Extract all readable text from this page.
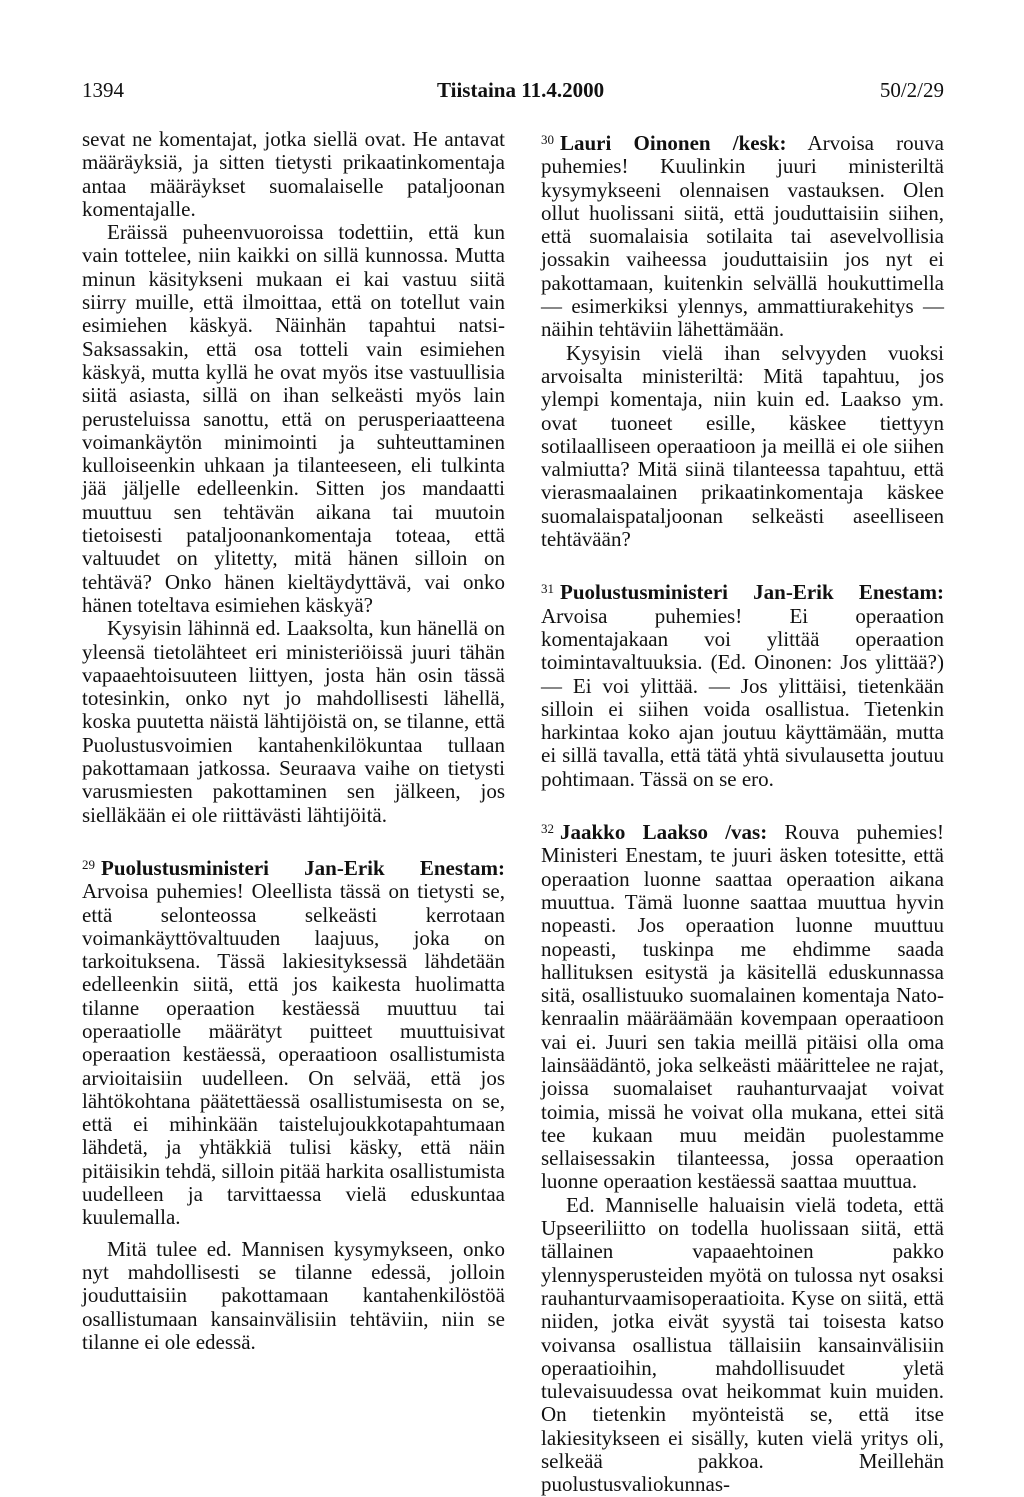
1394	Tiistaina 11.4.2000	50/2/29

sevat ne komentajat, jotka siellä ovat. He antavat määräyksiä, ja sitten tietysti prikaatinkomentaja antaa määräykset suomalaiselle pataljoonan komentajalle.

Eräissä puheenvuoroissa todettiin, että kun vain tottelee, niin kaikki on sillä kunnossa. Mutta minun käsitykseni mukaan ei kai vastuu siitä siirry muille, että ilmoittaa, että on totellut vain esimiehen käskyä. Näinhän tapahtui natsi-Saksassakin, että osa totteli vain esimiehen käskyä, mutta kyllä he ovat myös itse vastuullisia siitä asiasta, sillä on ihan selkeästi myös lain perusteluissa sanottu, että on perusperiaatteena voimankäytön minimointi ja suhteuttaminen kulloiseenkin uhkaan ja tilanteeseen, eli tulkinta jää jäljelle edelleenkin. Sitten jos mandaatti muuttuu sen tehtävän aikana tai muutoin tietoisesti pataljoonankomentaja toteaa, että valtuudet on ylitetty, mitä hänen silloin on tehtävä? Onko hänen kieltäydyttävä, vai onko hänen toteltava esimiehen käskyä?

Kysyisin lähinnä ed. Laaksolta, kun hänellä on yleensä tietolähteet eri ministeriöissä juuri tähän vapaaehtoisuuteen liittyen, josta hän osin tässä totesinkin, onko nyt jo mahdollisesti lähellä, koska puutetta näistä lähtijöistä on, se tilanne, että Puolustusvoimien kantahenkilökuntaa tullaan pakottamaan jatkossa. Seuraava vaihe on tietysti varusmiesten pakottaminen sen jälkeen, jos sielläkään ei ole riittävästi lähtijöitä.

$^{29}$ Puolustusministeri Jan-Erik Enestam: Arvoisa puhemies! Oleellista tässä on tietysti se, että selonteossa selkeästi kerrotaan voimankäyttövaltuuden laajuus, joka on tarkoituksena. Tässä lakiesityksessä lähdetään edelleenkin siitä, että jos kaikesta huolimatta tilanne operaation kestäessä muuttuu tai operaatiolle määrätyt puitteet muuttuisivat operaation kestäessä, operaatioon osallistumista arvioitaisiin uudelleen. On selvää, että jos lähtökohtana päätettäessä osallistumisesta on se, että ei mihinkään taistelujoukkotapahtumaan lähdetä, ja yhtäkkiä tulisi käsky, että näin pitäisikin tehdä, silloin pitää harkita osallistumista uudelleen ja tarvittaessa vielä eduskuntaa kuulemalla.

Mitä tulee ed. Mannisen kysymykseen, onko nyt mahdollisesti se tilanne edessä, jolloin jouduttaisiin pakottamaan kantahenkilöstöä osallistumaan kansainvälisiin tehtäviin, niin se tilanne ei ole edessä.

$^{30}$ Lauri Oinonen /kesk: Arvoisa rouva puhemies! Kuulinkin juuri ministeriltä kysymykseeni olennaisen vastauksen. Olen ollut huolissani siitä, että jouduttaisiin siihen, että suomalaisia sotilaita tai asevelvollisia jossakin vaiheessa jouduttaisiin jos nyt ei pakottamaan, kuitenkin selvällä houkuttimella — esimerkiksi ylennys, ammattiurakehitys — näihin tehtäviin lähettämään.

Kysyisin vielä ihan selvyyden vuoksi arvoisalta ministeriltä: Mitä tapahtuu, jos ylempi komentaja, niin kuin ed. Laakso ym. ovat tuoneet esille, käskee tiettyyn sotilaalliseen operaatioon ja meillä ei ole siihen valmiutta? Mitä siinä tilanteessa tapahtuu, että vierasmaalainen prikaatinkomentaja käskee suomalaispataljoonan selkeästi aseelliseen tehtävään?

$^{31}$ Puolustusministeri Jan-Erik Enestam: Arvoisa puhemies! Ei operaation komentajakaan voi ylittää operaation toimintavaltuuksia. (Ed. Oinonen: Jos ylittää?) — Ei voi ylittää. — Jos ylittäisi, tietenkään silloin ei siihen voida osallistua. Tietenkin harkintaa koko ajan joutuu käyttämään, mutta ei sillä tavalla, että tätä yhtä sivulausetta joutuu pohtimaan. Tässä on se ero.

$^{32}$ Jaakko Laakso /vas: Rouva puhemies! Ministeri Enestam, te juuri äsken totesitte, että operaation luonne saattaa operaation aikana muuttua. Tämä luonne saattaa muuttua hyvin nopeasti. Jos operaation luonne muuttuu nopeasti, tuskinpa me ehdimme saada hallituksen esitystä ja käsitellä eduskunnassa sitä, osallistuuko suomalainen komentaja Nato-kenraalin määräämään kovempaan operaatioon vai ei. Juuri sen takia meillä pitäisi olla oma lainsäädäntö, joka selkeästi määrittelee ne rajat, joissa suomalaiset rauhanturvaajat voivat toimia, missä he voivat olla mukana, ettei sitä tee kukaan muu meidän puolestamme sellaisessakin tilanteessa, jossa operaation luonne operaation kestäessä saattaa muuttua.

Ed. Manniselle haluaisin vielä todeta, että Upseeriliitto on todella huolissaan siitä, että tällainen vapaaehtoinen pakko ylennysperusteiden myötä on tulossa nyt osaksi rauhanturvaamisoperaatioita. Kyse on siitä, että niiden, jotka eivät syystä tai toisesta katso voivansa osallistua tällaisiin kansainvälisiin operaatioihin, mahdollisuudet yletä tulevaisuudessa ovat heikommat kuin muiden. On tietenkin myönteistä se, että itse lakiesitykseen ei sisälly, kuten vielä yritys oli, selkeää pakkoa. Meillehän puolustusvaliokunnas-
